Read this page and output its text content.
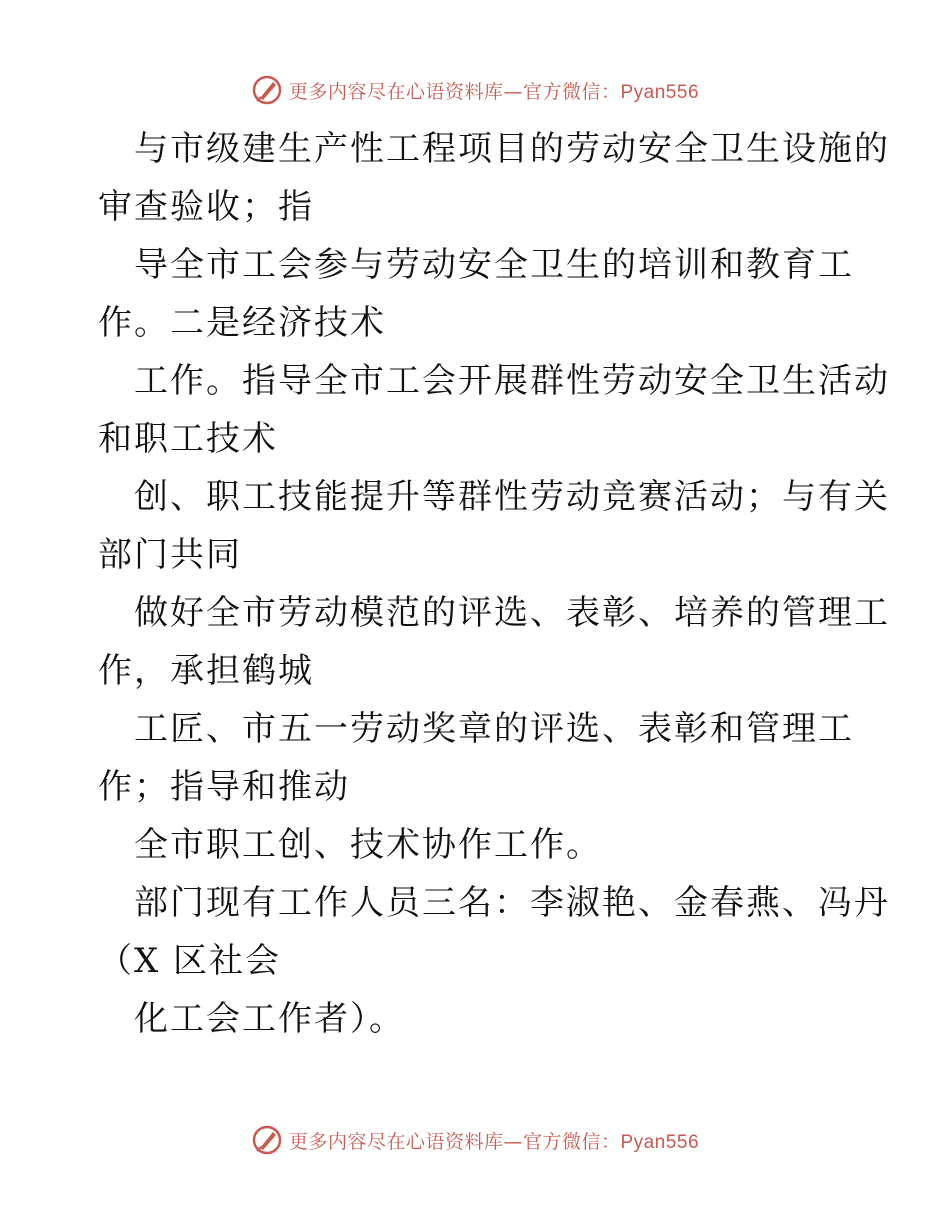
更多内容尽在心语资料库—官方微信：Pyan556
与市级建生产性工程项目的劳动安全卫生设施的
审查验收；指
导全市工会参与劳动安全卫生的培训和教育工
作。二是经济技术
工作。指导全市工会开展群性劳动安全卫生活动
和职工技术
创、职工技能提升等群性劳动竞赛活动；与有关
部门共同
做好全市劳动模范的评选、表彰、培养的管理工
作，承担鹤城
工匠、市五一劳动奖章的评选、表彰和管理工
作；指导和推动
全市职工创、技术协作工作。
部门现有工作人员三名：李淑艳、金春燕、冯丹
（X 区社会
化工会工作者）。
更多内容尽在心语资料库—官方微信：Pyan556
